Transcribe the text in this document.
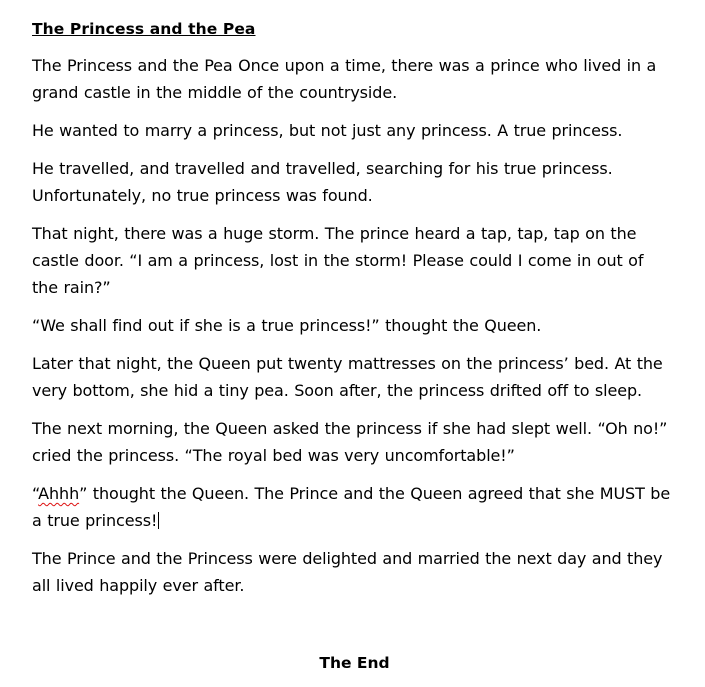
The Princess and the Pea

The Princess and the Pea Once upon a time, there was a prince who lived in a grand castle in the middle of the countryside.

He wanted to marry a princess, but not just any princess. A true princess.

He travelled, and travelled and travelled, searching for his true princess. Unfortunately, no true princess was found.

That night, there was a huge storm. The prince heard a tap, tap, tap on the castle door. “I am a princess, lost in the storm! Please could I come in out of the rain?”

“We shall find out if she is a true princess!” thought the Queen.

Later that night, the Queen put twenty mattresses on the princess’ bed. At the very bottom, she hid a tiny pea. Soon after, the princess drifted off to sleep.

The next morning, the Queen asked the princess if she had slept well. “Oh no!” cried the princess. “The royal bed was very uncomfortable!”

“Ahhh” thought the Queen. The Prince and the Queen agreed that she MUST be a true princess!

The Prince and the Princess were delighted and married the next day and they all lived happily ever after.

The End
